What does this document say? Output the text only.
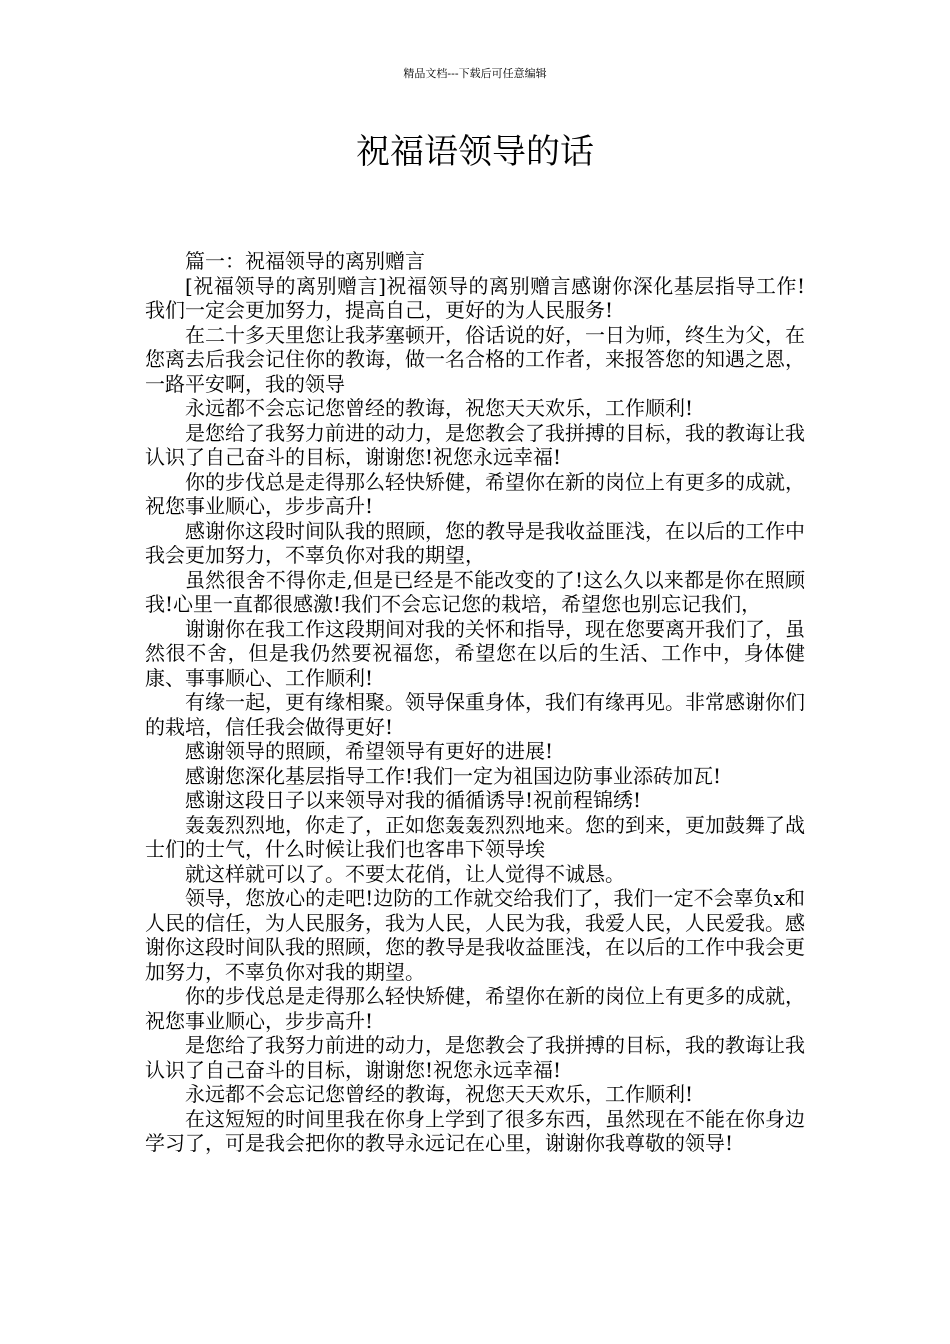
精品文档---下载后可任意编辑
祝福语领导的话

篇一：祝福领导的离别赠言

[祝福领导的离别赠言]祝福领导的离别赠言感谢你深化基层指导工作!我们一定会更加努力，提高自己，更好的为人民服务!

在二十多天里您让我茅塞顿开，俗话说的好，一日为师，终生为父，在您离去后我会记住你的教诲，做一名合格的工作者，来报答您的知遇之恩，一路平安啊，我的领导

永远都不会忘记您曾经的教诲，祝您天天欢乐，工作顺利!

是您给了我努力前进的动力，是您教会了我拼搏的目标，我的教诲让我认识了自己奋斗的目标，谢谢您!祝您永远幸福!

你的步伐总是走得那么轻快矫健，希望你在新的岗位上有更多的成就，祝您事业顺心，步步高升!

感谢你这段时间队我的照顾，您的教导是我收益匪浅，在以后的工作中我会更加努力，不辜负你对我的期望，

虽然很舍不得你走,但是已经是不能改变的了!这么久以来都是你在照顾我!心里一直都很感激!我们不会忘记您的栽培，希望您也别忘记我们，

谢谢你在我工作这段期间对我的关怀和指导，现在您要离开我们了，虽然很不舍，但是我仍然要祝福您，希望您在以后的生活、工作中，身体健康、事事顺心、工作顺利!

有缘一起，更有缘相聚。领导保重身体，我们有缘再见。非常感谢你们的栽培，信任我会做得更好!

感谢领导的照顾，希望领导有更好的进展!

感谢您深化基层指导工作!我们一定为祖国边防事业添砖加瓦!

感谢这段日子以来领导对我的循循诱导!祝前程锦绣!

轰轰烈烈地，你走了，正如您轰轰烈烈地来。您的到来，更加鼓舞了战士们的士气，什么时候让我们也客串下领导埃

就这样就可以了。不要太花俏，让人觉得不诚恳。

领导，您放心的走吧!边防的工作就交给我们了，我们一定不会辜负x和人民的信任，为人民服务，我为人民，人民为我，我爱人民，人民爱我。感谢你这段时间队我的照顾，您的教导是我收益匪浅，在以后的工作中我会更加努力，不辜负你对我的期望。

你的步伐总是走得那么轻快矫健，希望你在新的岗位上有更多的成就，祝您事业顺心，步步高升!

是您给了我努力前进的动力，是您教会了我拼搏的目标，我的教诲让我认识了自己奋斗的目标，谢谢您!祝您永远幸福!

永远都不会忘记您曾经的教诲，祝您天天欢乐，工作顺利!

在这短短的时间里我在你身上学到了很多东西，虽然现在不能在你身边学习了，可是我会把你的教导永远记在心里，谢谢你我尊敬的领导!
